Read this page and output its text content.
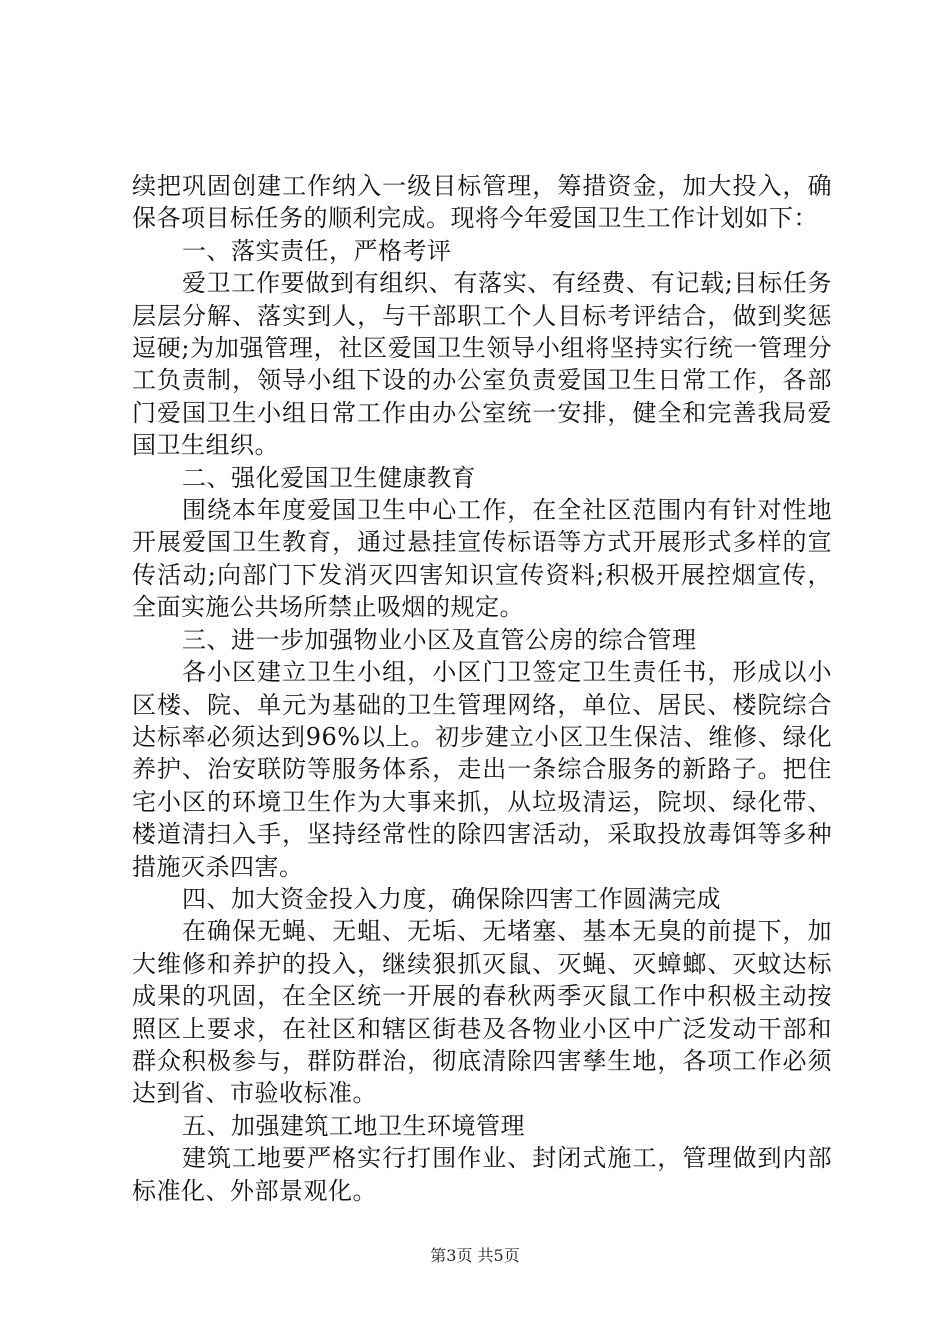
续把巩固创建工作纳入一级目标管理，筹措资金，加大投入，确保各项目标任务的顺利完成。现将今年爱国卫生工作计划如下：

一、落实责任，严格考评

爱卫工作要做到有组织、有落实、有经费、有记载;目标任务层层分解、落实到人，与干部职工个人目标考评结合，做到奖惩逗硬;为加强管理，社区爱国卫生领导小组将坚持实行统一管理分工负责制，领导小组下设的办公室负责爱国卫生日常工作，各部门爱国卫生小组日常工作由办公室统一安排，健全和完善我局爱国卫生组织。

二、强化爱国卫生健康教育

围绕本年度爱国卫生中心工作，在全社区范围内有针对性地开展爱国卫生教育，通过悬挂宣传标语等方式开展形式多样的宣传活动;向部门下发消灭四害知识宣传资料;积极开展控烟宣传，全面实施公共场所禁止吸烟的规定。

三、进一步加强物业小区及直管公房的综合管理

各小区建立卫生小组，小区门卫签定卫生责任书，形成以小区楼、院、单元为基础的卫生管理网络，单位、居民、楼院综合达标率必须达到96%以上。初步建立小区卫生保洁、维修、绿化养护、治安联防等服务体系，走出一条综合服务的新路子。把住宅小区的环境卫生作为大事来抓，从垃圾清运，院坝、绿化带、楼道清扫入手，坚持经常性的除四害活动，采取投放毒饵等多种措施灭杀四害。

四、加大资金投入力度，确保除四害工作圆满完成

在确保无蝇、无蛆、无垢、无堵塞、基本无臭的前提下，加大维修和养护的投入，继续狠抓灭鼠、灭蝇、灭蟑螂、灭蚊达标成果的巩固，在全区统一开展的春秋两季灭鼠工作中积极主动按照区上要求，在社区和辖区街巷及各物业小区中广泛发动干部和群众积极参与，群防群治，彻底清除四害孳生地，各项工作必须达到省、市验收标准。

五、加强建筑工地卫生环境管理

建筑工地要严格实行打围作业、封闭式施工，管理做到内部标准化、外部景观化。

第3页 共5页
